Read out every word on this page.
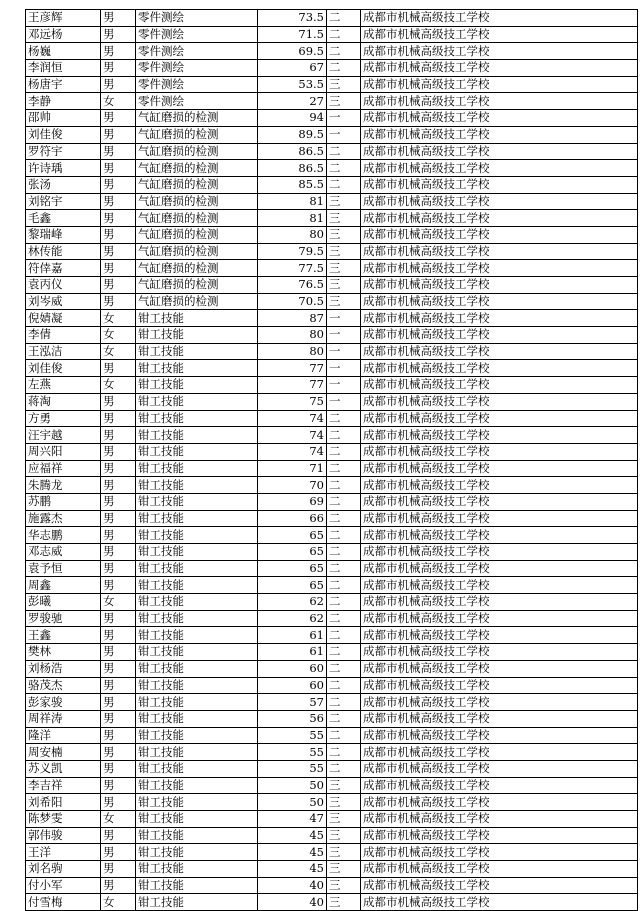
王彦辉	男	零件测绘	73.5	二	成都市机械高级技工学校
邓远杨	男	零件测绘	71.5	二	成都市机械高级技工学校
杨巍	男	零件测绘	69.5	二	成都市机械高级技工学校
李润恒	男	零件测绘	67	二	成都市机械高级技工学校
杨唐宇	男	零件测绘	53.5	三	成都市机械高级技工学校
李静	女	零件测绘	27	三	成都市机械高级技工学校
邵帅	男	气缸磨损的检测	94	一	成都市机械高级技工学校
刘佳俊	男	气缸磨损的检测	89.5	一	成都市机械高级技工学校
罗符宇	男	气缸磨损的检测	86.5	二	成都市机械高级技工学校
许诗瑀	男	气缸磨损的检测	86.5	二	成都市机械高级技工学校
张汤	男	气缸磨损的检测	85.5	二	成都市机械高级技工学校
刘铭宇	男	气缸磨损的检测	81	三	成都市机械高级技工学校
毛鑫	男	气缸磨损的检测	81	三	成都市机械高级技工学校
黎瑞峰	男	气缸磨损的检测	80	三	成都市机械高级技工学校
林传能	男	气缸磨损的检测	79.5	三	成都市机械高级技工学校
符倖嘉	男	气缸磨损的检测	77.5	三	成都市机械高级技工学校
袁丙仪	男	气缸磨损的检测	76.5	三	成都市机械高级技工学校
刘岑威	男	气缸磨损的检测	70.5	三	成都市机械高级技工学校
倪婧凝	女	钳工技能	87	一	成都市机械高级技工学校
李倩	女	钳工技能	80	一	成都市机械高级技工学校
王泓洁	女	钳工技能	80	一	成都市机械高级技工学校
刘佳俊	男	钳工技能	77	一	成都市机械高级技工学校
左燕	女	钳工技能	77	一	成都市机械高级技工学校
蒋淘	男	钳工技能	75	一	成都市机械高级技工学校
方勇	男	钳工技能	74	二	成都市机械高级技工学校
汪宇越	男	钳工技能	74	二	成都市机械高级技工学校
周兴阳	男	钳工技能	74	二	成都市机械高级技工学校
应福祥	男	钳工技能	71	二	成都市机械高级技工学校
朱腾龙	男	钳工技能	70	二	成都市机械高级技工学校
苏鹏	男	钳工技能	69	二	成都市机械高级技工学校
施露杰	男	钳工技能	66	二	成都市机械高级技工学校
华志鹏	男	钳工技能	65	二	成都市机械高级技工学校
邓志威	男	钳工技能	65	二	成都市机械高级技工学校
袁予恒	男	钳工技能	65	二	成都市机械高级技工学校
周鑫	男	钳工技能	65	二	成都市机械高级技工学校
彭曦	女	钳工技能	62	二	成都市机械高级技工学校
罗骏驰	男	钳工技能	62	二	成都市机械高级技工学校
王鑫	男	钳工技能	61	二	成都市机械高级技工学校
樊林	男	钳工技能	61	二	成都市机械高级技工学校
刘杨浩	男	钳工技能	60	二	成都市机械高级技工学校
骆茂杰	男	钳工技能	60	二	成都市机械高级技工学校
彭家骏	男	钳工技能	57	二	成都市机械高级技工学校
周祥涛	男	钳工技能	56	二	成都市机械高级技工学校
隆洋	男	钳工技能	55	二	成都市机械高级技工学校
周安楠	男	钳工技能	55	二	成都市机械高级技工学校
苏义凯	男	钳工技能	55	二	成都市机械高级技工学校
李吉祥	男	钳工技能	50	三	成都市机械高级技工学校
刘希阳	男	钳工技能	50	三	成都市机械高级技工学校
陈梦雯	女	钳工技能	47	三	成都市机械高级技工学校
郭伟骏	男	钳工技能	45	三	成都市机械高级技工学校
王洋	男	钳工技能	45	三	成都市机械高级技工学校
刘名驹	男	钳工技能	45	三	成都市机械高级技工学校
付小军	男	钳工技能	40	三	成都市机械高级技工学校
付雪梅	女	钳工技能	40	三	成都市机械高级技工学校
